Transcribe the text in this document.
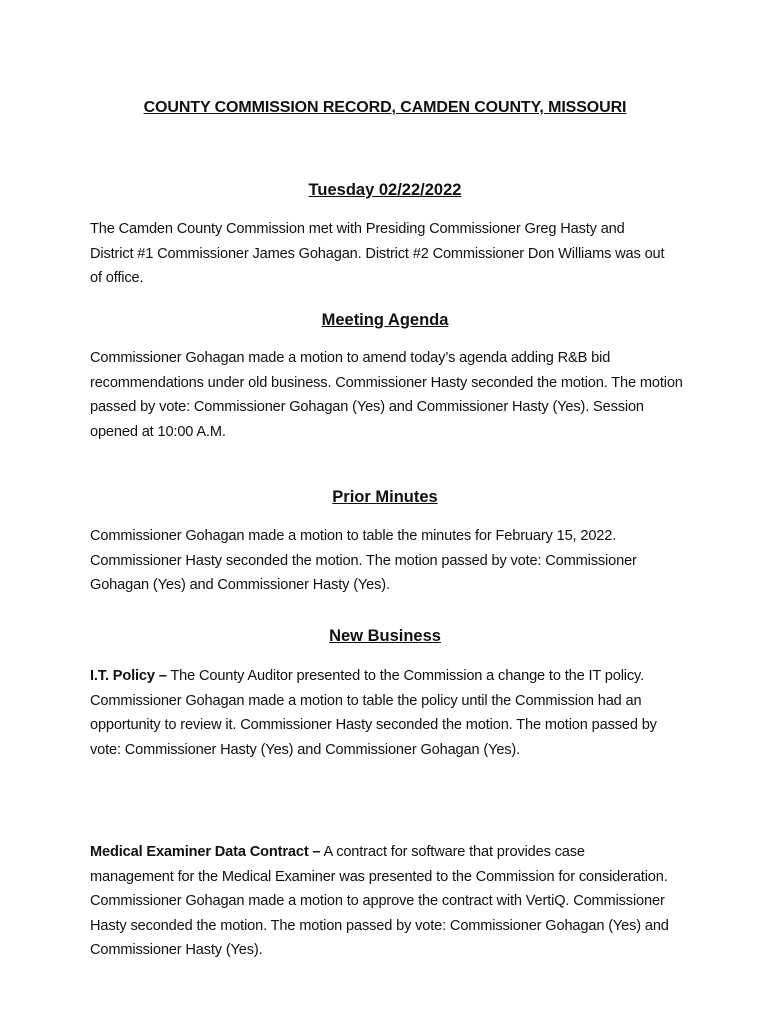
COUNTY COMMISSION RECORD, CAMDEN COUNTY, MISSOURI
Tuesday 02/22/2022

The Camden County Commission met with Presiding Commissioner Greg Hasty and District #1 Commissioner James Gohagan. District #2 Commissioner Don Williams was out of office.

Meeting Agenda

Commissioner Gohagan made a motion to amend today’s agenda adding R&B bid recommendations under old business. Commissioner Hasty seconded the motion. The motion passed by vote: Commissioner Gohagan (Yes) and Commissioner Hasty (Yes). Session opened at 10:00 A.M.

Prior Minutes

Commissioner Gohagan made a motion to table the minutes for February 15, 2022. Commissioner Hasty seconded the motion. The motion passed by vote: Commissioner Gohagan (Yes) and Commissioner Hasty (Yes).

New Business

I.T. Policy – The County Auditor presented to the Commission a change to the IT policy. Commissioner Gohagan made a motion to table the policy until the Commission had an opportunity to review it. Commissioner Hasty seconded the motion. The motion passed by vote: Commissioner Hasty (Yes) and Commissioner Gohagan (Yes).

Medical Examiner Data Contract – A contract for software that provides case management for the Medical Examiner was presented to the Commission for consideration. Commissioner Gohagan made a motion to approve the contract with VertiQ. Commissioner Hasty seconded the motion. The motion passed by vote: Commissioner Gohagan (Yes) and Commissioner Hasty (Yes).
